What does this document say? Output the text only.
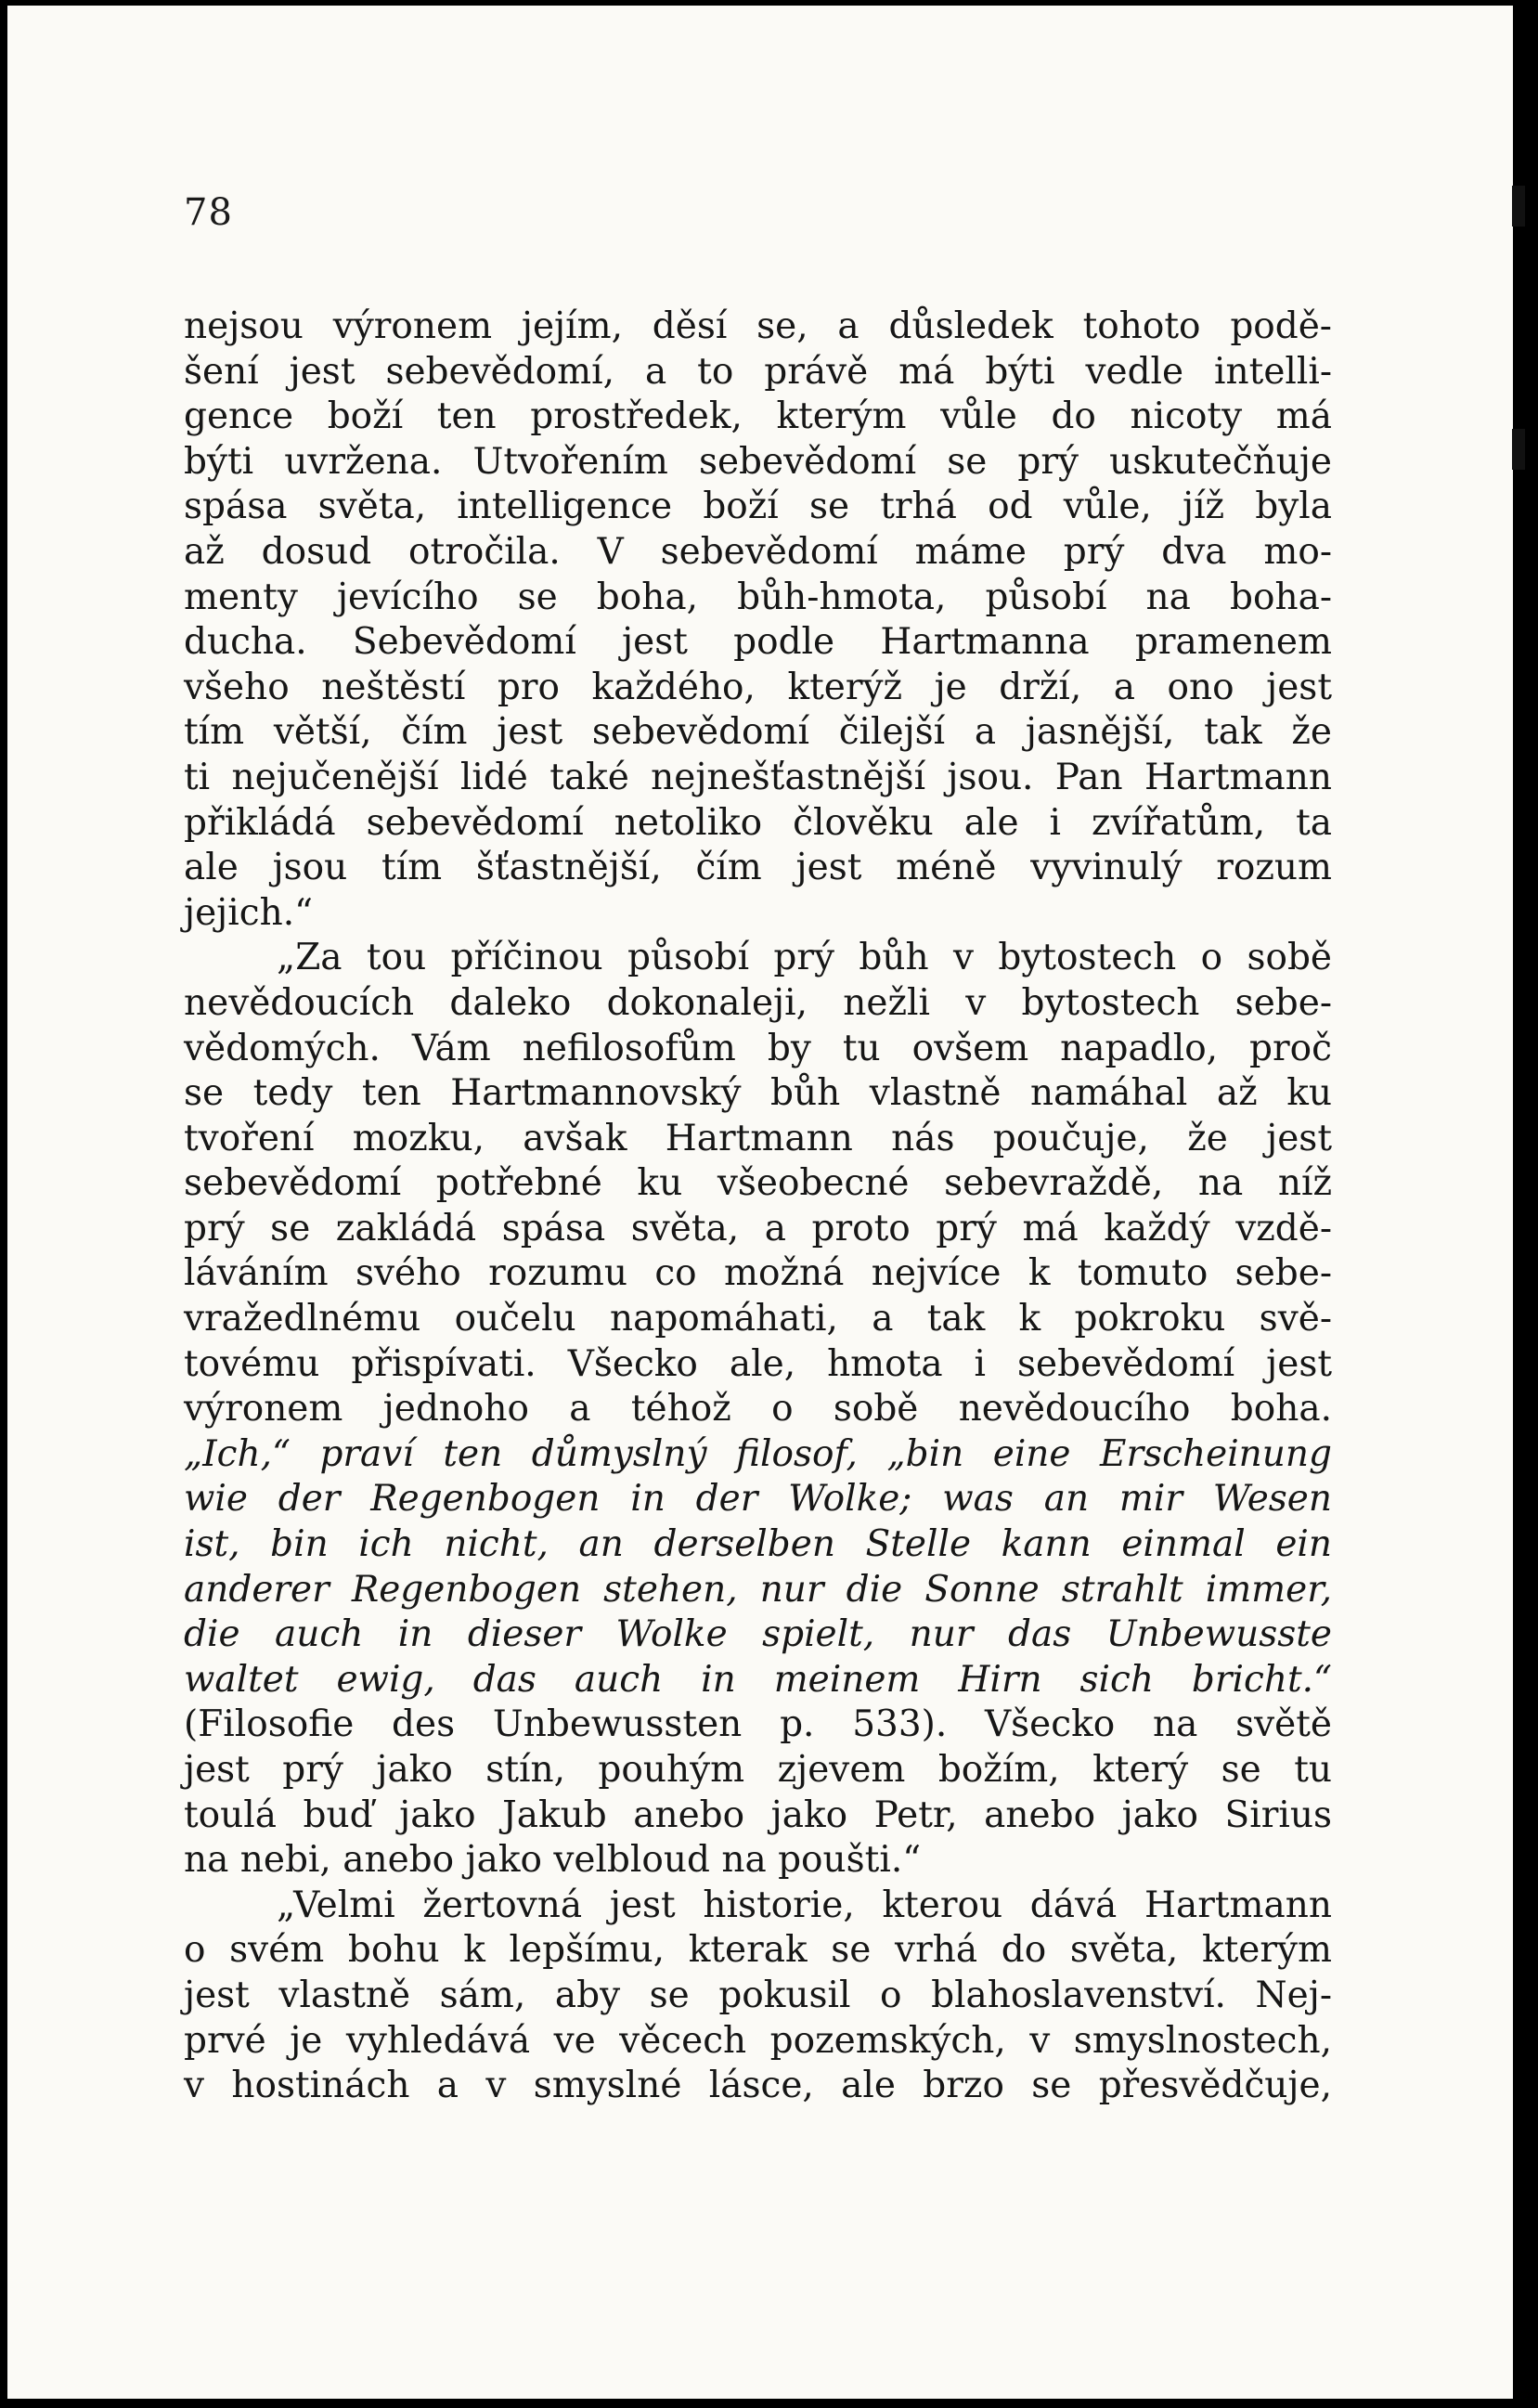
78
nejsou výronem jejím, děsí se, a důsledek tohoto podě-
šení jest sebevědomí, a to právě má býti vedle intelli-
gence boží ten prostředek, kterým vůle do nicoty má
býti uvržena. Utvořením sebevědomí se prý uskutečňuje
spása světa, intelligence boží se trhá od vůle, jíž byla
až dosud otročila. V sebevědomí máme prý dva mo-
menty jevícího se boha, bůh-hmota, působí na boha-
ducha. Sebevědomí jest podle Hartmanna pramenem
všeho neštěstí pro každého, kterýž je drží, a ono jest
tím větší, čím jest sebevědomí čilejší a jasnější, tak že
ti nejučenější lidé také nejnešťastnější jsou. Pan Hartmann
přikládá sebevědomí netoliko člověku ale i zvířatům, ta
ale jsou tím šťastnější, čím jest méně vyvinulý rozum
jejich.“
„Za tou příčinou působí prý bůh v bytostech o sobě
nevědoucích daleko dokonaleji, nežli v bytostech sebe-
vědomých. Vám nefilosofům by tu ovšem napadlo, proč
se tedy ten Hartmannovský bůh vlastně namáhal až ku
tvoření mozku, avšak Hartmann nás poučuje, že jest
sebevědomí potřebné ku všeobecné sebevraždě, na níž
prý se zakládá spása světa, a proto prý má každý vzdě-
láváním svého rozumu co možná nejvíce k tomuto sebe-
vražedlnému oučelu napomáhati, a tak k pokroku svě-
tovému přispívati. Všecko ale, hmota i sebevědomí jest
výronem jednoho a téhož o sobě nevědoucího boha.
„Ich,“ praví ten důmyslný filosof, „bin eine Erscheinung
wie der Regenbogen in der Wolke; was an mir Wesen
ist, bin ich nicht, an derselben Stelle kann einmal ein
anderer Regenbogen stehen, nur die Sonne strahlt immer,
die auch in dieser Wolke spielt, nur das Unbewusste
waltet ewig, das auch in meinem Hirn sich bricht.“
(Filosofie des Unbewussten p. 533). Všecko na světě
jest prý jako stín, pouhým zjevem božím, který se tu
toulá buď jako Jakub anebo jako Petr, anebo jako Sirius
na nebi, anebo jako velbloud na poušti.“
„Velmi žertovná jest historie, kterou dává Hartmann
o svém bohu k lepšímu, kterak se vrhá do světa, kterým
jest vlastně sám, aby se pokusil o blahoslavenství. Nej-
prvé je vyhledává ve věcech pozemských, v smyslnostech,
v hostinách a v smyslné lásce, ale brzo se přesvědčuje,
